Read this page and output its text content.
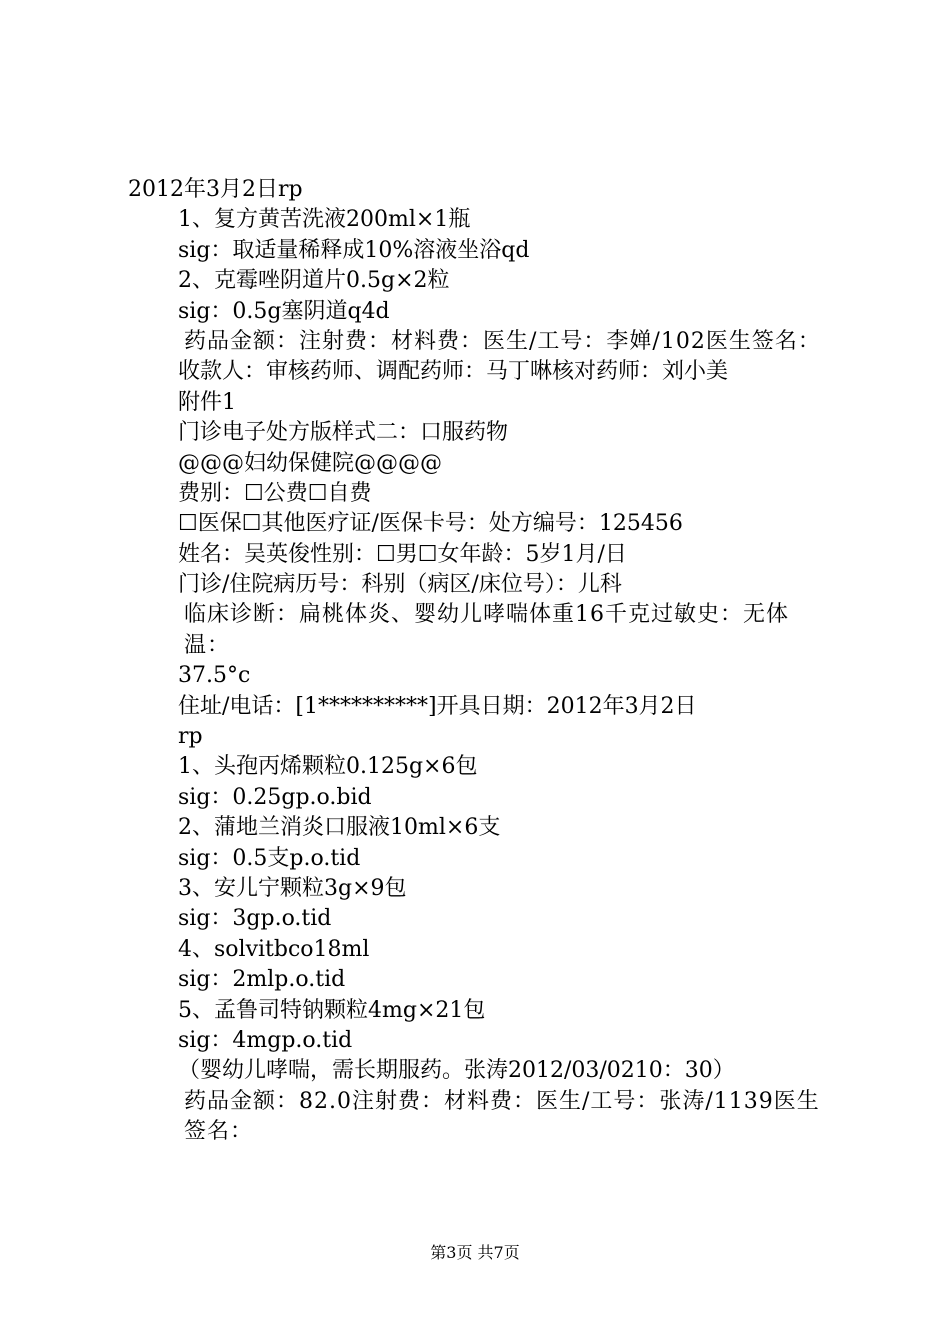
2012年3月2日rp
1、复方黄苦洗液200ml×1瓶
sig：取适量稀释成10%溶液坐浴qd
2、克霉唑阴道片0.5g×2粒
sig：0.5g塞阴道q4d
药品金额：注射费：材料费：医生/工号：李婵/102医生签名：
收款人：审核药师、调配药师：马丁啉核对药师：刘小美
附件1
门诊电子处方版样式二：口服药物
@@@妇幼保健院@@@@
费别：☐公费☐自费
☐医保☐其他医疗证/医保卡号：处方编号：125456
姓名：吴英俊性别：☐男☐女年龄：5岁1月/日
门诊/住院病历号：科别（病区/床位号）：儿科
临床诊断：扁桃体炎、婴幼儿哮喘体重16千克过敏史：无体温：
37.5°c
住址/电话：[1**********]开具日期：2012年3月2日
rp
1、头孢丙烯颗粒0.125g×6包
sig：0.25gp.o.bid
2、蒲地兰消炎口服液10ml×6支
sig：0.5支p.o.tid
3、安儿宁颗粒3g×9包
sig：3gp.o.tid
4、solvitbco18ml
sig：2mlp.o.tid
5、孟鲁司特钠颗粒4mg×21包
sig：4mgp.o.tid
（婴幼儿哮喘，需长期服药。张涛2012/03/0210：30）
药品金额：82.0注射费：材料费：医生/工号：张涛/1139医生签名：
第3页 共7页
